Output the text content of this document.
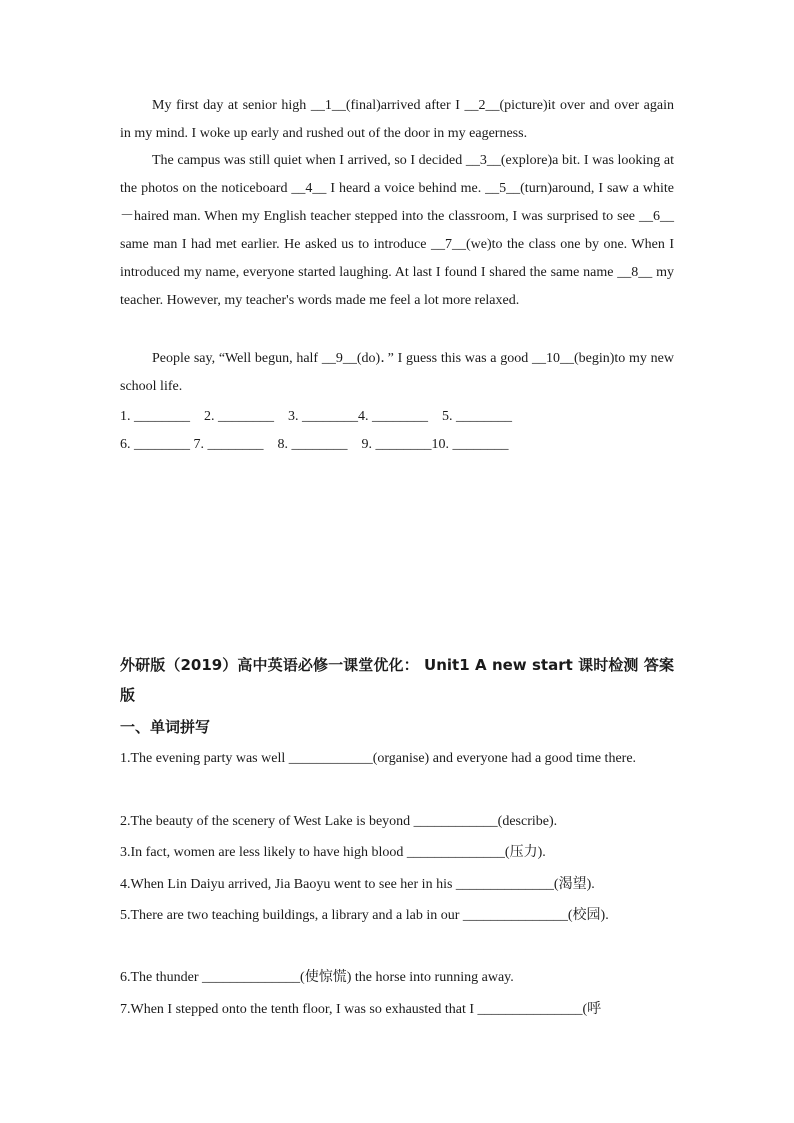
My first day at senior high __1__(final)arrived after I __2__(picture)it over and over again in my mind. I woke up early and rushed out of the door in my eagerness.
The campus was still quiet when I arrived, so I decided __3__(explore)a bit. I was looking at the photos on the noticeboard __4__ I heard a voice behind me. __5__(turn)around, I saw a white－haired man. When my English teacher stepped into the classroom, I was surprised to see __6__ same man I had met earlier. He asked us to introduce __7__(we)to the class one by one. When I introduced my name, everyone started laughing. At last I found I shared the same name __8__ my teacher. However, my teacher's words made me feel a lot more relaxed.
People say, “Well begun, half __9__(do)．” I guess this was a good __10__(begin)to my new school life.
1. ________    2. ________    3. ________4. ________    5. ________
6. ________ 7. ________    8. ________    9. ________10. ________
外研版（2019）高中英语必修一课堂优化： Unit1 A new start 课时检测 答案版
一、单词拼写
1.The evening party was well ____________(organise) and everyone had a good time there.
2.The beauty of the scenery of West Lake is beyond ____________(describe).
3.In fact, women are less likely to have high blood ______________(压力).
4.When Lin Daiyu arrived, Jia Baoyu went to see her in his ______________(渴望).
5.There are two teaching buildings, a library and a lab in our _______________(校园).
6.The thunder ______________(使惊慌) the horse into running away.
7.When I stepped onto the tenth floor, I was so exhausted that I _______________(呼
